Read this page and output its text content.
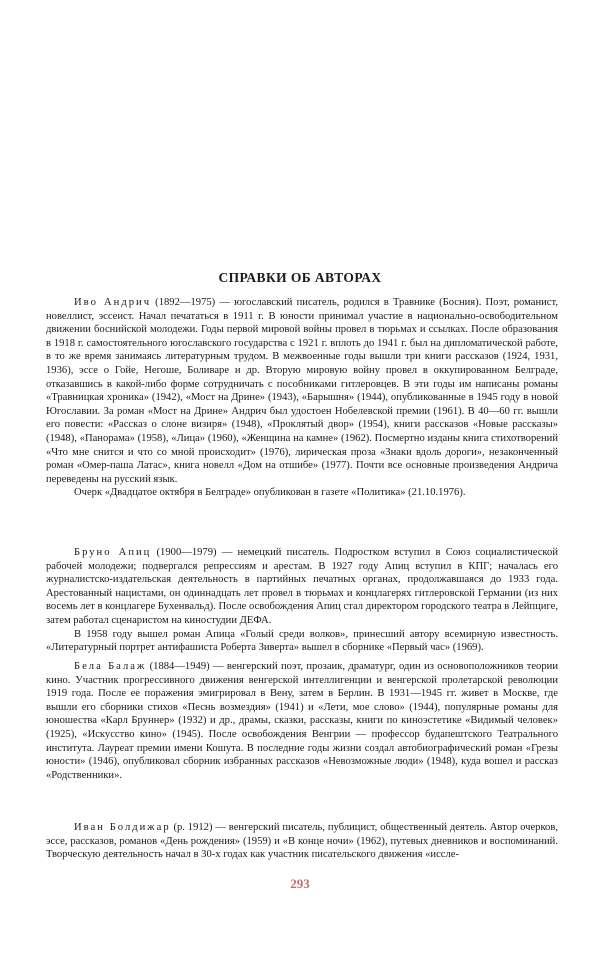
СПРАВКИ ОБ АВТОРАХ

Иво Андрич (1892—1975) — югославский писатель, родился в Травнике (Босния). Поэт, романист, новеллист, эссеист. Начал печататься в 1911 г. В юности принимал участие в национально-освободительном движении боснийской молодежи. Годы первой мировой войны провел в тюрьмах и ссылках. После образования в 1918 г. самостоятельного югославского государства с 1921 г. вплоть до 1941 г. был на дипломатической работе, в то же время занимаясь литературным трудом. В межвоенные годы вышли три книги рассказов (1924, 1931, 1936), эссе о Гойе, Негоше, Боливаре и др. Вторую мировую войну провел в оккупированном Белграде, отказавшись в какой-либо форме сотрудничать с пособниками гитлеровцев. В эти годы им написаны романы «Травницкая хроника» (1942), «Мост на Дрине» (1943), «Барышня» (1944), опубликованные в 1945 году в новой Югославии. За роман «Мост на Дрине» Андрич был удостоен Нобелевской премии (1961). В 40—60 гг. вышли его повести: «Рассказ о слоне визиря» (1948), «Проклятый двор» (1954), книги рассказов «Новые рассказы» (1948), «Панорама» (1958), «Лица» (1960), «Женщина на камне» (1962). Посмертно изданы книга стихотворений «Что мне снится и что со мной происходит» (1976), лирическая проза «Знаки вдоль дороги», незаконченный роман «Омер-паша Латас», книга новелл «Дом на отшибе» (1977). Почти все основные произведения Андрича переведены на русский язык.

Очерк «Двадцатое октября в Белграде» опубликован в газете «Политика» (21.10.1976).

Бруно Апиц (1900—1979) — немецкий писатель. Подростком вступил в Союз социалистической рабочей молодежи; подвергался репрессиям и арестам. В 1927 году Апиц вступил в КПГ; началась его журналистско-издательская деятельность в партийных печатных органах, продолжавшаяся до 1933 года. Арестованный нацистами, он одиннадцать лет провел в тюрьмах и концлагерях гитлеровской Германии (из них восемь лет в концлагере Бухенвальд). После освобождения Апиц стал директором городского театра в Лейпциге, затем работал сценаристом на киностудии ДЕФА.

В 1958 году вышел роман Апица «Голый среди волков», принесший автору всемирную известность. «Литературный портрет антифашиста Роберта Зиверта» вышел в сборнике «Первый час» (1969).

Бела Балаж (1884—1949) — венгерский поэт, прозаик, драматург, один из основоположников теории кино. Участник прогрессивного движения венгерской интеллигенции и венгерской пролетарской революции 1919 года. После ее поражения эмигрировал в Вену, затем в Берлин. В 1931—1945 гг. живет в Москве, где вышли его сборники стихов «Песнь возмездия» (1941) и «Лети, мое слово» (1944), популярные романы для юношества «Карл Бруннер» (1932) и др., драмы, сказки, рассказы, книги по киноэстетике «Видимый человек» (1925), «Искусство кино» (1945). После освобождения Венгрии — профессор будапештского Театрального института. Лауреат премии имени Кошута. В последние годы жизни создал автобиографический роман «Грезы юности» (1946), опубликовал сборник избранных рассказов «Невозможные люди» (1948), куда вошел и рассказ «Родственники».

Иван Болдижар (р. 1912) — венгерский писатель, публицист, общественный деятель. Автор очерков, эссе, рассказов, романов «День рождения» (1959) и «В конце ночи» (1962), путевых дневников и воспоминаний. Творческую деятельность начал в 30-х годах как участник писательского движения «иссле-

293
